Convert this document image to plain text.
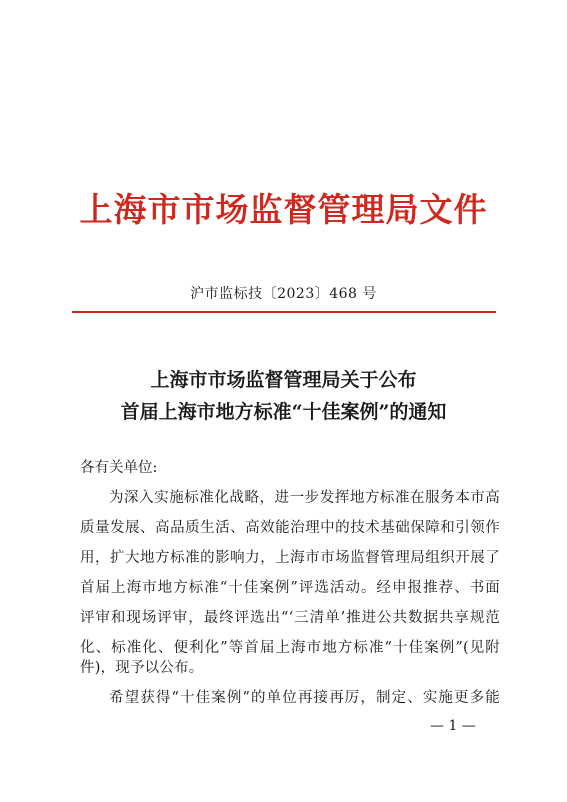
上海市市场监督管理局文件
沪市监标技〔2023〕468 号
上海市市场监督管理局关于公布
首届上海市地方标准“十佳案例”的通知
各有关单位:
为深入实施标准化战略，进一步发挥地方标准在服务本市高
质量发展、高品质生活、高效能治理中的技术基础保障和引领作
用，扩大地方标准的影响力，上海市市场监督管理局组织开展了
首届上海市地方标准“十佳案例”评选活动。经申报推荐、书面
评审和现场评审，最终评选出“‘三清单’推进公共数据共享规范
化、标准化、便利化”等首届上海市地方标准“十佳案例”(见附
件)，现予以公布。
希望获得“十佳案例”的单位再接再厉，制定、实施更多能
— 1 —
